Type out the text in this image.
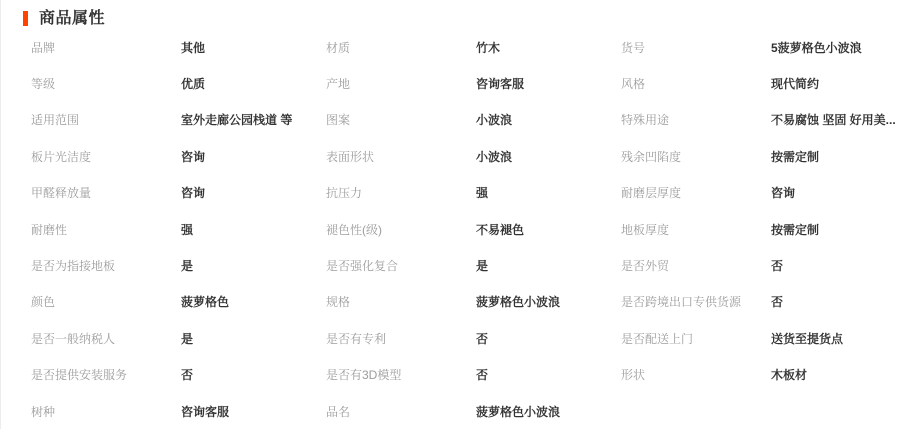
商品属性
品牌	其他	材质	竹木	货号	5菠萝格色小波浪
等级	优质	产地	咨询客服	风格	现代简约
适用范围	室外走廊公园栈道 等	图案	小波浪	特殊用途	不易腐蚀 坚固 好用美...
板片光洁度	咨询	表面形状	小波浪	残余凹陷度	按需定制
甲醛释放量	咨询	抗压力	强	耐磨层厚度	咨询
耐磨性	强	褪色性(级)	不易褪色	地板厚度	按需定制
是否为指接地板	是	是否强化复合	是	是否外贸	否
颜色	菠萝格色	规格	菠萝格色小波浪	是否跨境出口专供货源	否
是否一般纳税人	是	是否有专利	否	是否配送上门	送货至提货点
是否提供安装服务	否	是否有3D模型	否	形状	木板材
树种	咨询客服	品名	菠萝格色小波浪
